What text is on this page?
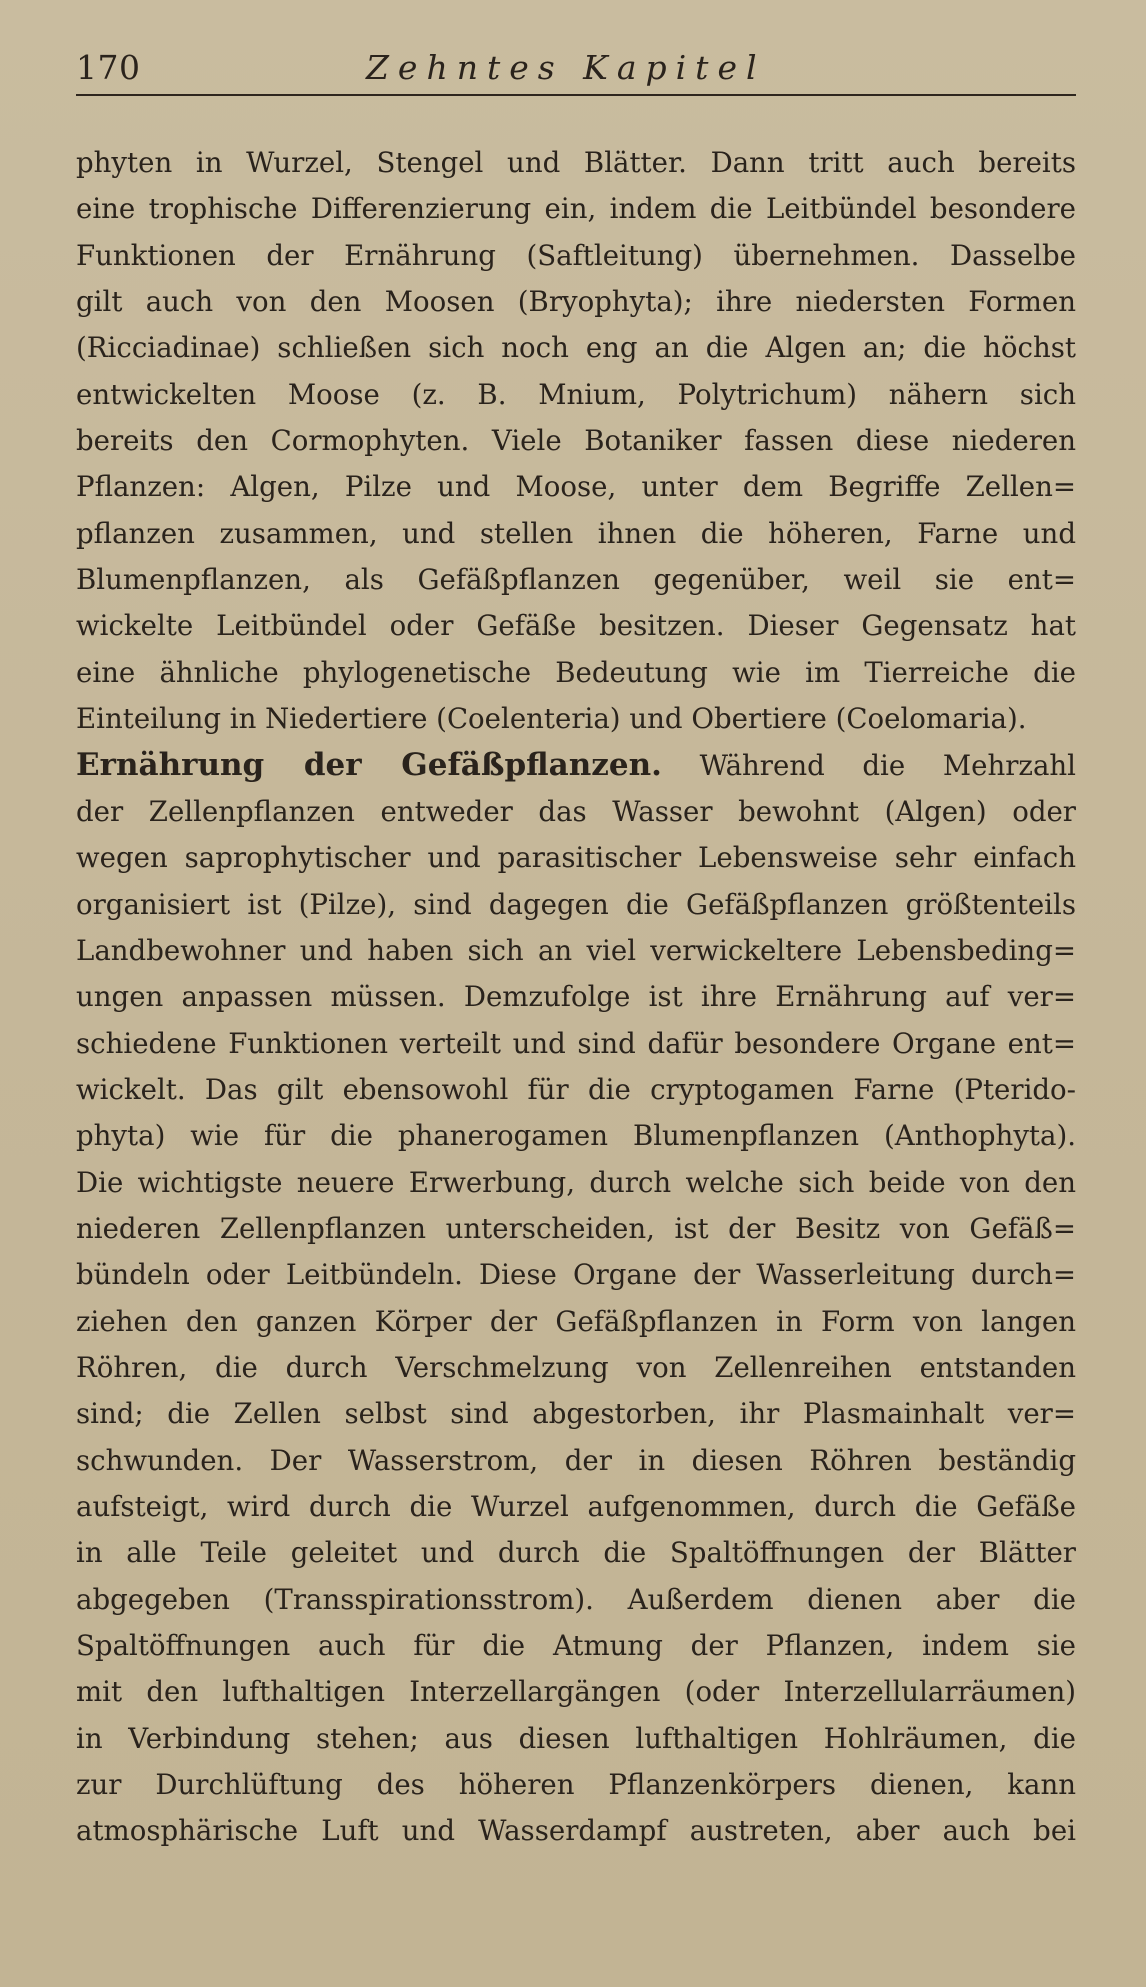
170	Zehntes Kapitel
phyten in Wurzel, Stengel und Blätter. Dann tritt auch bereits
eine trophische Differenzierung ein, indem die Leitbündel besondere
Funktionen der Ernährung (Saftleitung) übernehmen. Dasselbe
gilt auch von den Moosen (Bryophyta); ihre niedersten Formen
(Ricciadinae) schließen sich noch eng an die Algen an; die höchst
entwickelten Moose (z. B. Mnium, Polytrichum) nähern sich
bereits den Cormophyten. Viele Botaniker fassen diese niederen
Pflanzen: Algen, Pilze und Moose, unter dem Begriffe Zellen=
pflanzen zusammen, und stellen ihnen die höheren, Farne und
Blumenpflanzen, als Gefäßpflanzen gegenüber, weil sie ent=
wickelte Leitbündel oder Gefäße besitzen. Dieser Gegensatz hat
eine ähnliche phylogenetische Bedeutung wie im Tierreiche die
Einteilung in Niedertiere (Coelenteria) und Obertiere (Coelomaria).
Ernährung der Gefäßpflanzen. Während die Mehrzahl
der Zellenpflanzen entweder das Wasser bewohnt (Algen) oder
wegen saprophytischer und parasitischer Lebensweise sehr einfach
organisiert ist (Pilze), sind dagegen die Gefäßpflanzen größtenteils
Landbewohner und haben sich an viel verwickeltere Lebensbeding=
ungen anpassen müssen. Demzufolge ist ihre Ernährung auf ver=
schiedene Funktionen verteilt und sind dafür besondere Organe ent=
wickelt. Das gilt ebensowohl für die cryptogamen Farne (Pterido-
phyta) wie für die phanerogamen Blumenpflanzen (Anthophyta).
Die wichtigste neuere Erwerbung, durch welche sich beide von den
niederen Zellenpflanzen unterscheiden, ist der Besitz von Gefäß=
bündeln oder Leitbündeln. Diese Organe der Wasserleitung durch=
ziehen den ganzen Körper der Gefäßpflanzen in Form von langen
Röhren, die durch Verschmelzung von Zellenreihen entstanden
sind; die Zellen selbst sind abgestorben, ihr Plasmainhalt ver=
schwunden. Der Wasserstrom, der in diesen Röhren beständig
aufsteigt, wird durch die Wurzel aufgenommen, durch die Gefäße
in alle Teile geleitet und durch die Spaltöffnungen der Blätter
abgegeben (Transspirationsstrom). Außerdem dienen aber die
Spaltöffnungen auch für die Atmung der Pflanzen, indem sie
mit den lufthaltigen Interzellargängen (oder Interzellularräumen)
in Verbindung stehen; aus diesen lufthaltigen Hohlräumen, die
zur Durchlüftung des höheren Pflanzenkörpers dienen, kann
atmosphärische Luft und Wasserdampf austreten, aber auch bei
